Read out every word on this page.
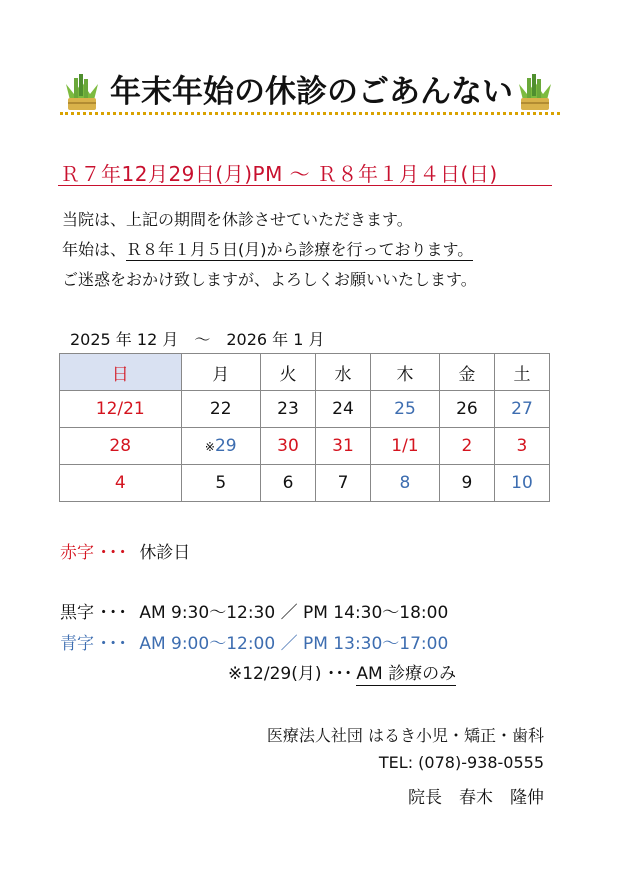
年末年始の休診のごあんない
Ｒ７年12月29日(月)PM ～ Ｒ８年１月４日(日)
当院は、上記の期間を休診させていただきます。
年始は、Ｒ８年１月５日(月)から診療を行っております。
ご迷惑をおかけ致しますが、よろしくお願いいたします。
2025 年 12 月　～　2026 年 1 月
日	月	火	水	木	金	土
12/21	22	23	24	25	26	27
28	※29	30	31	1/1	2	3
4	5	6	7	8	9	10
赤字 ･･･ 休診日
黒字 ･･･ AM 9:30～12:30 ／ PM 14:30～18:00
青字 ･･･ AM 9:00～12:00 ／ PM 13:30～17:00
※12/29(月) ･･･ AM 診療のみ
医療法人社団 はるき小児・矯正・歯科
TEL: (078)-938-0555
院長　春木　隆伸
